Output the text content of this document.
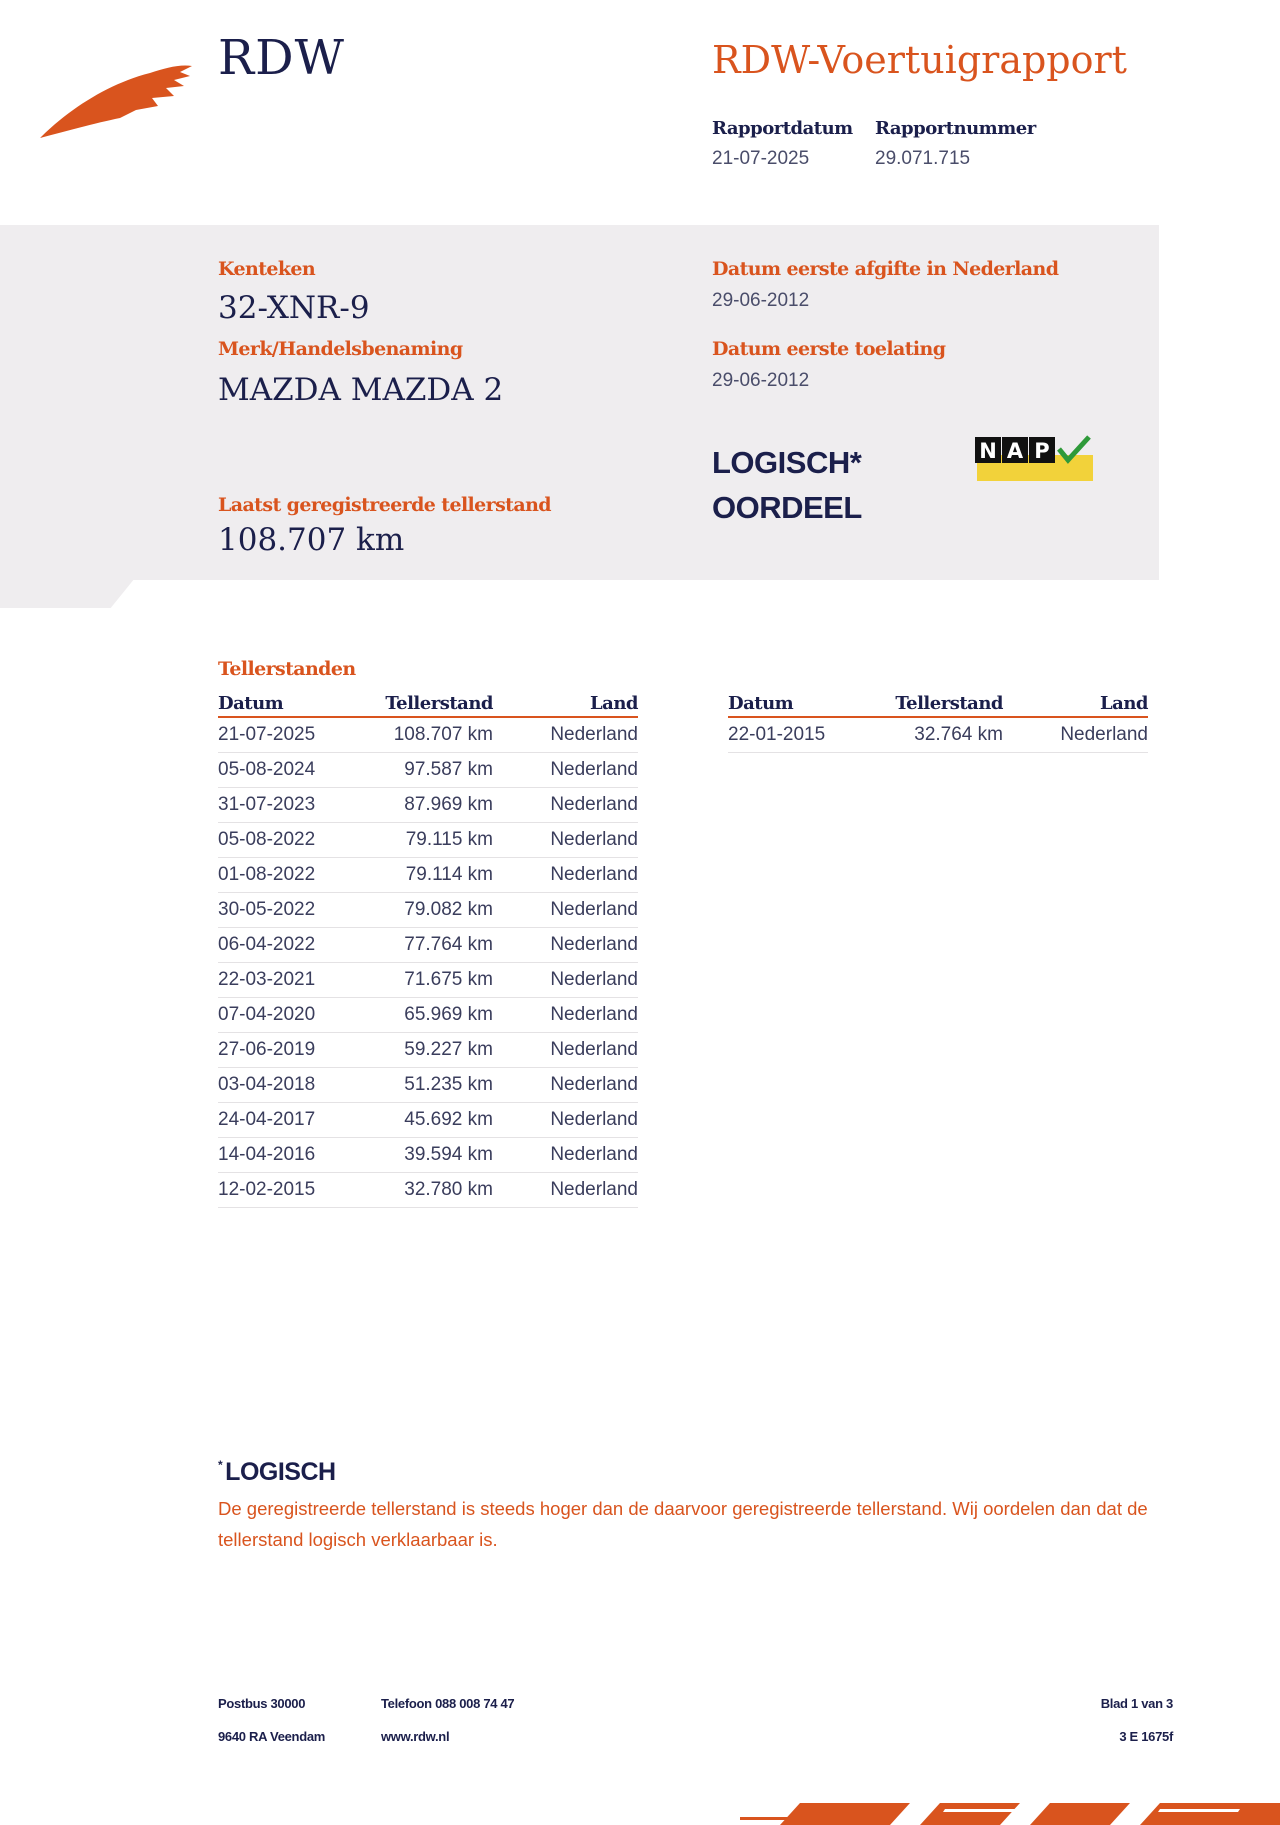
RDW	RDW-Voertuigrapport
Rapportdatum
21-07-2025
Rapportnummer
29.071.715
Kenteken
32-XNR-9
Merk/Handelsbenaming
MAZDA MAZDA 2
Laatst geregistreerde tellerstand
108.707 km
Datum eerste afgifte in Nederland
29-06-2012
Datum eerste toelating
29-06-2012
LOGISCH*
OORDEEL
N A P
Tellerstanden
Datum	Tellerstand	Land
21-07-2025	108.707 km	Nederland
05-08-2024	97.587 km	Nederland
31-07-2023	87.969 km	Nederland
05-08-2022	79.115 km	Nederland
01-08-2022	79.114 km	Nederland
30-05-2022	79.082 km	Nederland
06-04-2022	77.764 km	Nederland
22-03-2021	71.675 km	Nederland
07-04-2020	65.969 km	Nederland
27-06-2019	59.227 km	Nederland
03-04-2018	51.235 km	Nederland
24-04-2017	45.692 km	Nederland
14-04-2016	39.594 km	Nederland
12-02-2015	32.780 km	Nederland
Datum	Tellerstand	Land
22-01-2015	32.764 km	Nederland
* LOGISCH
De geregistreerde tellerstand is steeds hoger dan de daarvoor geregistreerde tellerstand. Wij oordelen dan dat de tellerstand logisch verklaarbaar is.
Postbus 30000
9640 RA Veendam
Telefoon 088 008 74 47
www.rdw.nl
Blad 1 van 3
3 E 1675f
